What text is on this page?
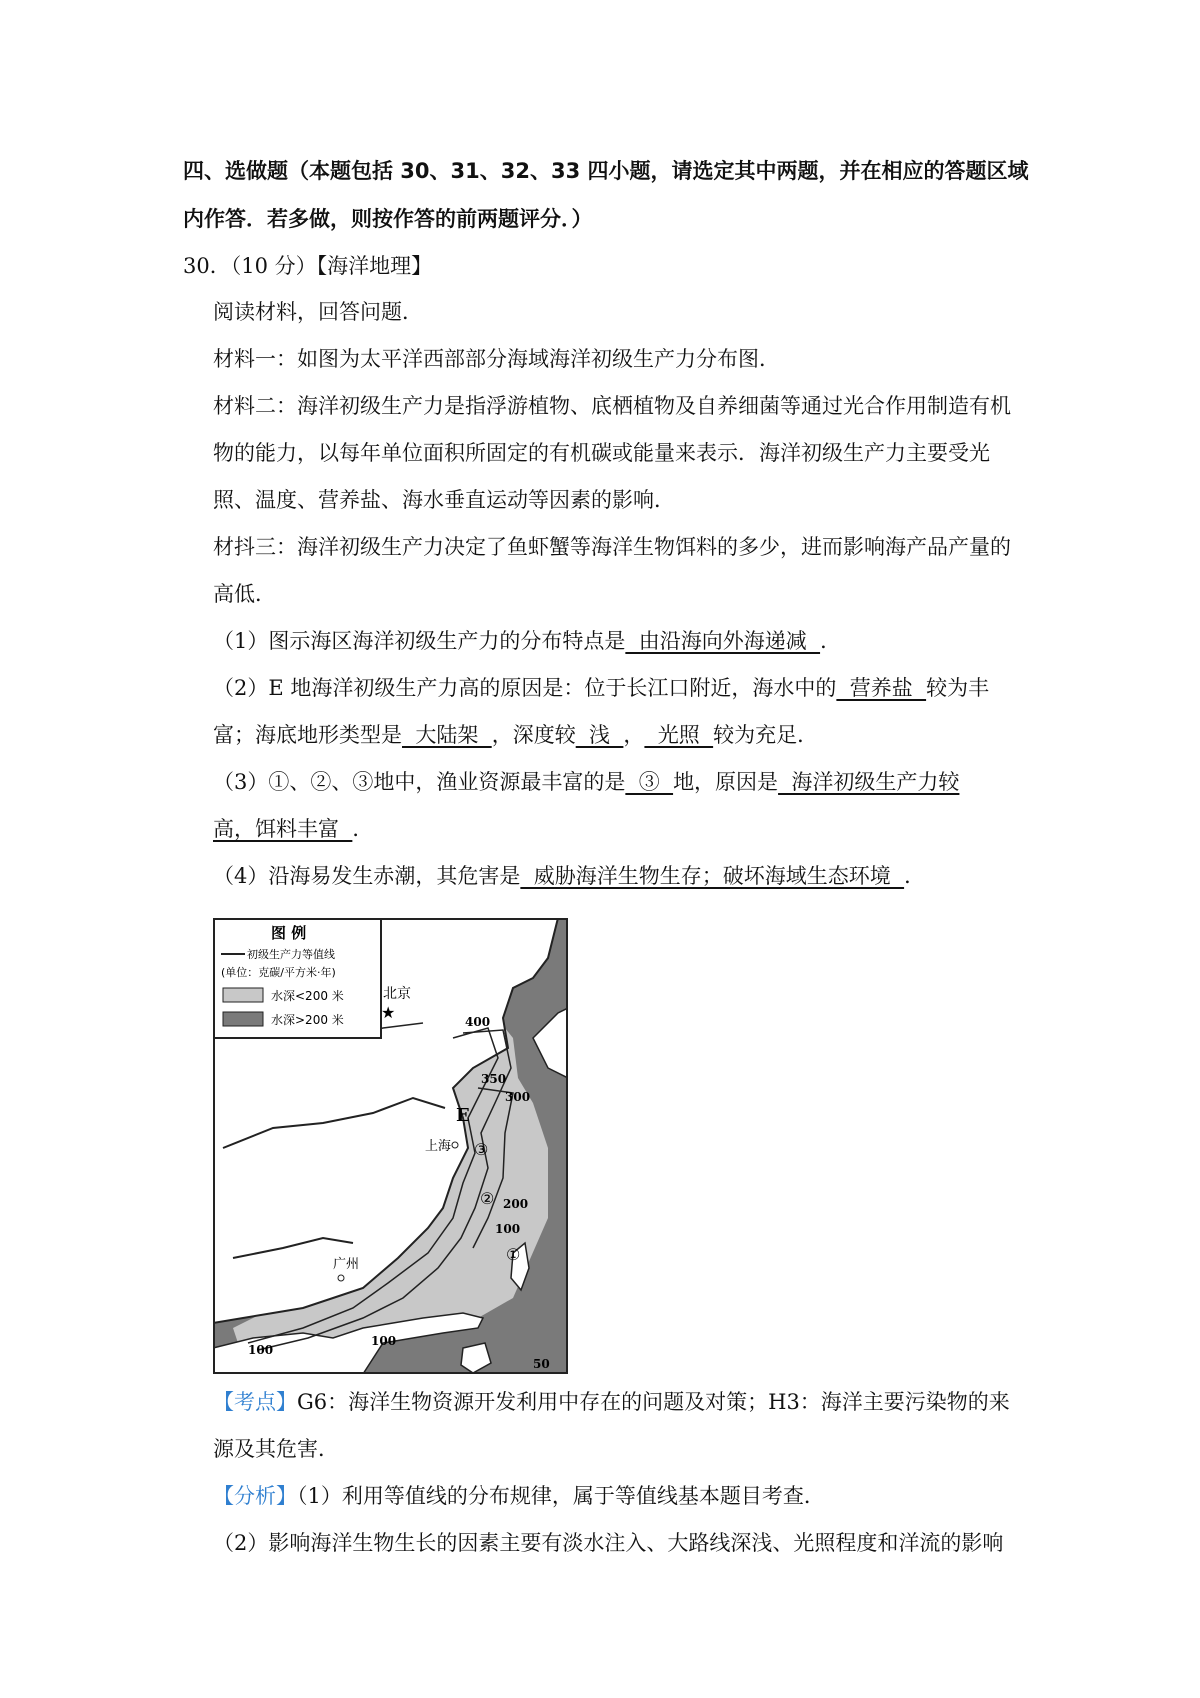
四、选做题（本题包括 30、31、32、33 四小题，请选定其中两题，并在相应的答题区域
内作答．若多做，则按作答的前两题评分．）
30．（10 分）【海洋地理】
阅读材料，回答问题．
材料一：如图为太平洋西部部分海域海洋初级生产力分布图．
材料二：海洋初级生产力是指浮游植物、底栖植物及自养细菌等通过光合作用制造有机
物的能力，以每年单位面积所固定的有机碳或能量来表示．海洋初级生产力主要受光
照、温度、营养盐、海水垂直运动等因素的影响．
材抖三：海洋初级生产力决定了鱼虾蟹等海洋生物饵料的多少，进而影响海产品产量的
高低．
（1）图示海区海洋初级生产力的分布特点是  由沿海向外海递减  ．
（2）E 地海洋初级生产力高的原因是：位于长江口附近，海水中的  营养盐  较为丰
富；海底地形类型是  大陆架  ，深度较  浅  ，  光照  较为充足．
（3）①、②、③地中，渔业资源最丰富的是  ③  地，原因是  海洋初级生产力较
高，饵料丰富  ．
（4）沿海易发生赤潮，其危害是  威胁海洋生物生存；破坏海域生态环境  ．
图 例
初级生产力等值线
(单位：克碳/平方米·年)
水深<200 米
水深>200 米
北京
★
上海
广州
E
①
②
③
400
350
300
200
100
100
100
50
【考点】G6：海洋生物资源开发利用中存在的问题及对策；H3：海洋主要污染物的来
源及其危害．
【分析】（1）利用等值线的分布规律，属于等值线基本题目考查．
（2）影响海洋生物生长的因素主要有淡水注入、大路线深浅、光照程度和洋流的影响
